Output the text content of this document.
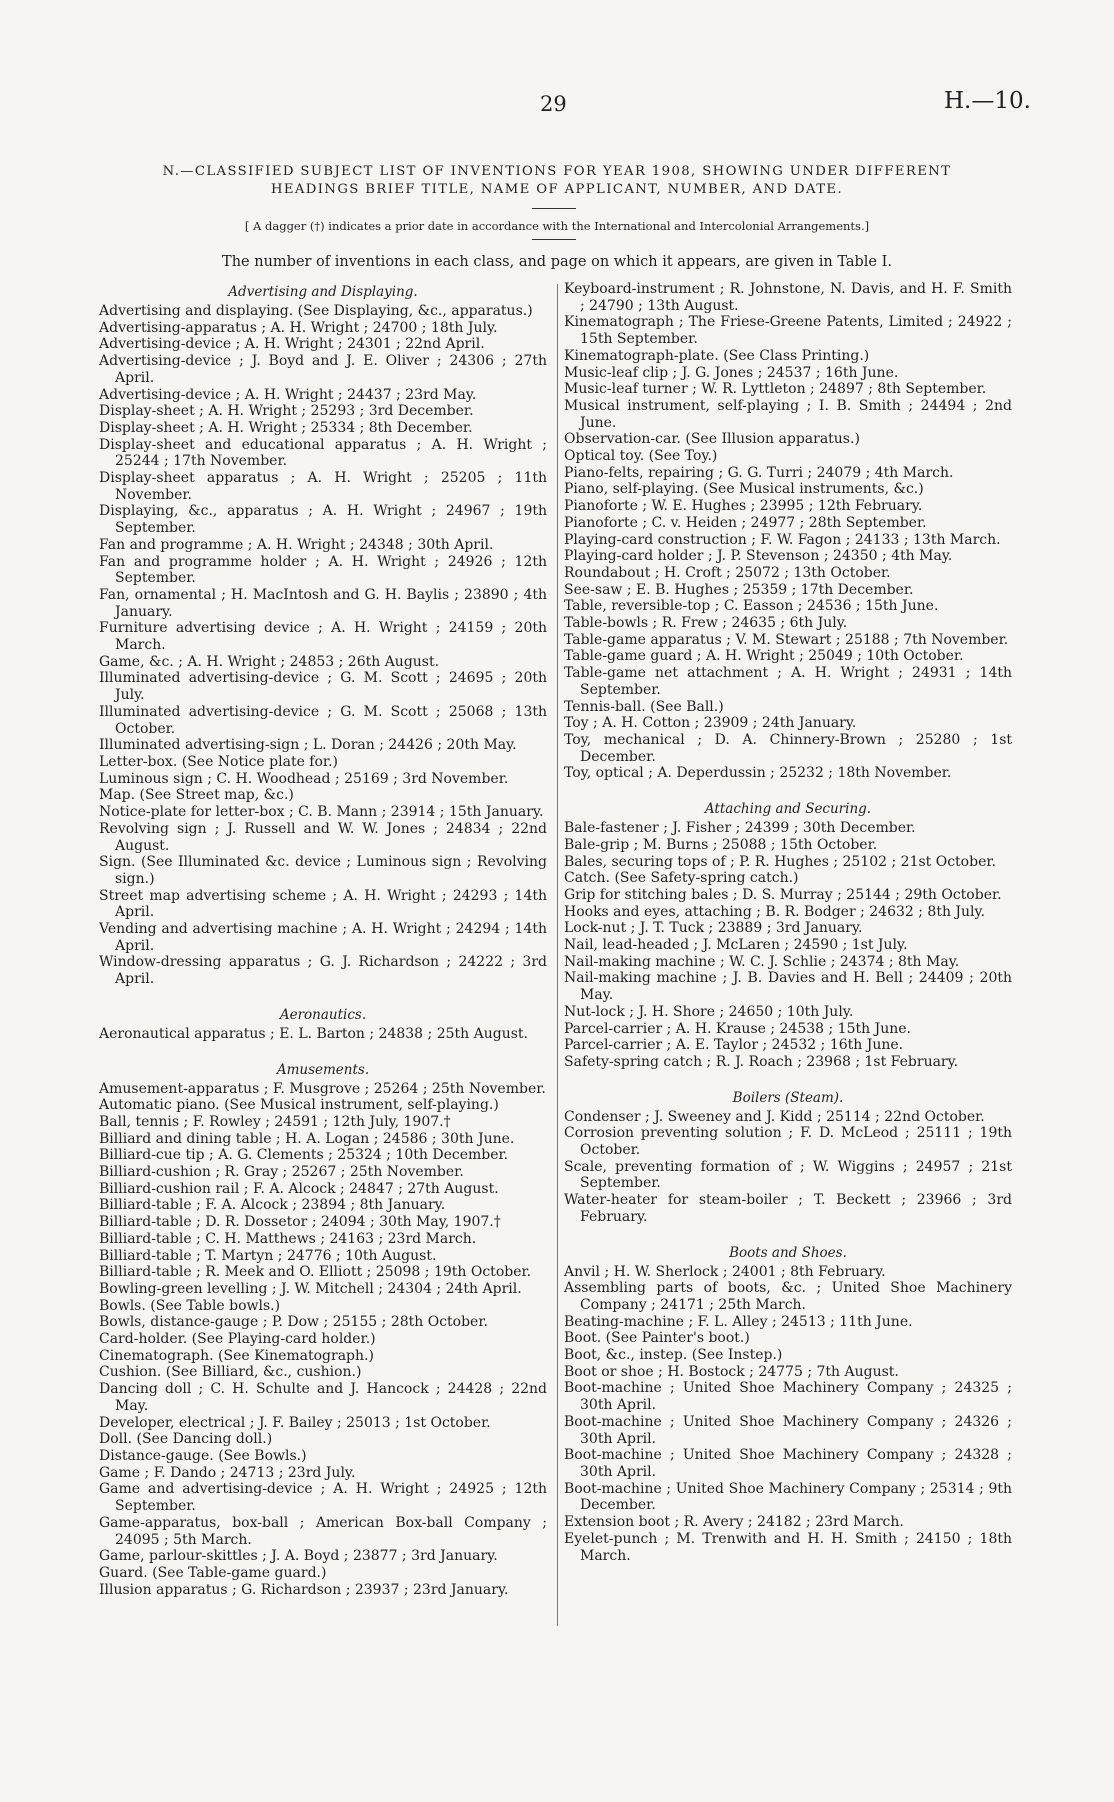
29	H.—10.
N.—CLASSIFIED SUBJECT LIST OF INVENTIONS FOR YEAR 1908, SHOWING UNDER DIFFERENT
HEADINGS BRIEF TITLE, NAME OF APPLICANT, NUMBER, AND DATE.
[ A dagger (†) indicates a prior date in accordance with the International and Intercolonial Arrangements.]
The number of inventions in each class, and page on which it appears, are given in Table I.
Advertising and Displaying.
Advertising and displaying. (See Displaying, &c., apparatus.)
Advertising-apparatus ; A. H. Wright ; 24700 ; 18th July.
Advertising-device ; A. H. Wright ; 24301 ; 22nd April.
Advertising-device ; J. Boyd and J. E. Oliver ; 24306 ; 27th April.
Advertising-device ; A. H. Wright ; 24437 ; 23rd May.
Display-sheet ; A. H. Wright ; 25293 ; 3rd December.
Display-sheet ; A. H. Wright ; 25334 ; 8th December.
Display-sheet and educational apparatus ; A. H. Wright ; 25244 ; 17th November.
Display-sheet apparatus ; A. H. Wright ; 25205 ; 11th November.
Displaying, &c., apparatus ; A. H. Wright ; 24967 ; 19th September.
Fan and programme ; A. H. Wright ; 24348 ; 30th April.
Fan and programme holder ; A. H. Wright ; 24926 ; 12th September.
Fan, ornamental ; H. MacIntosh and G. H. Baylis ; 23890 ; 4th January.
Furniture advertising device ; A. H. Wright ; 24159 ; 20th March.
Game, &c. ; A. H. Wright ; 24853 ; 26th August.
Illuminated advertising-device ; G. M. Scott ; 24695 ; 20th July.
Illuminated advertising-device ; G. M. Scott ; 25068 ; 13th October.
Illuminated advertising-sign ; L. Doran ; 24426 ; 20th May.
Letter-box. (See Notice plate for.)
Luminous sign ; C. H. Woodhead ; 25169 ; 3rd November.
Map. (See Street map, &c.)
Notice-plate for letter-box ; C. B. Mann ; 23914 ; 15th January.
Revolving sign ; J. Russell and W. W. Jones ; 24834 ; 22nd August.
Sign. (See Illuminated &c. device ; Luminous sign ; Revolving sign.)
Street map advertising scheme ; A. H. Wright ; 24293 ; 14th April.
Vending and advertising machine ; A. H. Wright ; 24294 ; 14th April.
Window-dressing apparatus ; G. J. Richardson ; 24222 ; 3rd April.
Aeronautics.
Aeronautical apparatus ; E. L. Barton ; 24838 ; 25th August.
Amusements.
Amusement-apparatus ; F. Musgrove ; 25264 ; 25th November.
Automatic piano. (See Musical instrument, self-playing.)
Ball, tennis ; F. Rowley ; 24591 ; 12th July, 1907.†
Billiard and dining table ; H. A. Logan ; 24586 ; 30th June.
Billiard-cue tip ; A. G. Clements ; 25324 ; 10th December.
Billiard-cushion ; R. Gray ; 25267 ; 25th November.
Billiard-cushion rail ; F. A. Alcock ; 24847 ; 27th August.
Billiard-table ; F. A. Alcock ; 23894 ; 8th January.
Billiard-table ; D. R. Dossetor ; 24094 ; 30th May, 1907.†
Billiard-table ; C. H. Matthews ; 24163 ; 23rd March.
Billiard-table ; T. Martyn ; 24776 ; 10th August.
Billiard-table ; R. Meek and O. Elliott ; 25098 ; 19th October.
Bowling-green levelling ; J. W. Mitchell ; 24304 ; 24th April.
Bowls. (See Table bowls.)
Bowls, distance-gauge ; P. Dow ; 25155 ; 28th October.
Card-holder. (See Playing-card holder.)
Cinematograph. (See Kinematograph.)
Cushion. (See Billiard, &c., cushion.)
Dancing doll ; C. H. Schulte and J. Hancock ; 24428 ; 22nd May.
Developer, electrical ; J. F. Bailey ; 25013 ; 1st October.
Doll. (See Dancing doll.)
Distance-gauge. (See Bowls.)
Game ; F. Dando ; 24713 ; 23rd July.
Game and advertising-device ; A. H. Wright ; 24925 ; 12th September.
Game-apparatus, box-ball ; American Box-ball Company ; 24095 ; 5th March.
Game, parlour-skittles ; J. A. Boyd ; 23877 ; 3rd January.
Guard. (See Table-game guard.)
Illusion apparatus ; G. Richardson ; 23937 ; 23rd January.
Keyboard-instrument ; R. Johnstone, N. Davis, and H. F. Smith ; 24790 ; 13th August.
Kinematograph ; The Friese-Greene Patents, Limited ; 24922 ; 15th September.
Kinematograph-plate. (See Class Printing.)
Music-leaf clip ; J. G. Jones ; 24537 ; 16th June.
Music-leaf turner ; W. R. Lyttleton ; 24897 ; 8th September.
Musical instrument, self-playing ; I. B. Smith ; 24494 ; 2nd June.
Observation-car. (See Illusion apparatus.)
Optical toy. (See Toy.)
Piano-felts, repairing ; G. G. Turri ; 24079 ; 4th March.
Piano, self-playing. (See Musical instruments, &c.)
Pianoforte ; W. E. Hughes ; 23995 ; 12th February.
Pianoforte ; C. v. Heiden ; 24977 ; 28th September.
Playing-card construction ; F. W. Fagon ; 24133 ; 13th March.
Playing-card holder ; J. P. Stevenson ; 24350 ; 4th May.
Roundabout ; H. Croft ; 25072 ; 13th October.
See-saw ; E. B. Hughes ; 25359 ; 17th December.
Table, reversible-top ; C. Easson ; 24536 ; 15th June.
Table-bowls ; R. Frew ; 24635 ; 6th July.
Table-game apparatus ; V. M. Stewart ; 25188 ; 7th November.
Table-game guard ; A. H. Wright ; 25049 ; 10th October.
Table-game net attachment ; A. H. Wright ; 24931 ; 14th September.
Tennis-ball. (See Ball.)
Toy ; A. H. Cotton ; 23909 ; 24th January.
Toy, mechanical ; D. A. Chinnery-Brown ; 25280 ; 1st December.
Toy, optical ; A. Deperdussin ; 25232 ; 18th November.
Attaching and Securing.
Bale-fastener ; J. Fisher ; 24399 ; 30th December.
Bale-grip ; M. Burns ; 25088 ; 15th October.
Bales, securing tops of ; P. R. Hughes ; 25102 ; 21st October.
Catch. (See Safety-spring catch.)
Grip for stitching bales ; D. S. Murray ; 25144 ; 29th October.
Hooks and eyes, attaching ; B. R. Bodger ; 24632 ; 8th July.
Lock-nut ; J. T. Tuck ; 23889 ; 3rd January.
Nail, lead-headed ; J. McLaren ; 24590 ; 1st July.
Nail-making machine ; W. C. J. Schlie ; 24374 ; 8th May.
Nail-making machine ; J. B. Davies and H. Bell ; 24409 ; 20th May.
Nut-lock ; J. H. Shore ; 24650 ; 10th July.
Parcel-carrier ; A. H. Krause ; 24538 ; 15th June.
Parcel-carrier ; A. E. Taylor ; 24532 ; 16th June.
Safety-spring catch ; R. J. Roach ; 23968 ; 1st February.
Boilers (Steam).
Condenser ; J. Sweeney and J. Kidd ; 25114 ; 22nd October.
Corrosion preventing solution ; F. D. McLeod ; 25111 ; 19th October.
Scale, preventing formation of ; W. Wiggins ; 24957 ; 21st September.
Water-heater for steam-boiler ; T. Beckett ; 23966 ; 3rd February.
Boots and Shoes.
Anvil ; H. W. Sherlock ; 24001 ; 8th February.
Assembling parts of boots, &c. ; United Shoe Machinery Company ; 24171 ; 25th March.
Beating-machine ; F. L. Alley ; 24513 ; 11th June.
Boot. (See Painter's boot.)
Boot, &c., instep. (See Instep.)
Boot or shoe ; H. Bostock ; 24775 ; 7th August.
Boot-machine ; United Shoe Machinery Company ; 24325 ; 30th April.
Boot-machine ; United Shoe Machinery Company ; 24326 ; 30th April.
Boot-machine ; United Shoe Machinery Company ; 24328 ; 30th April.
Boot-machine ; United Shoe Machinery Company ; 25314 ; 9th December.
Extension boot ; R. Avery ; 24182 ; 23rd March.
Eyelet-punch ; M. Trenwith and H. H. Smith ; 24150 ; 18th March.
